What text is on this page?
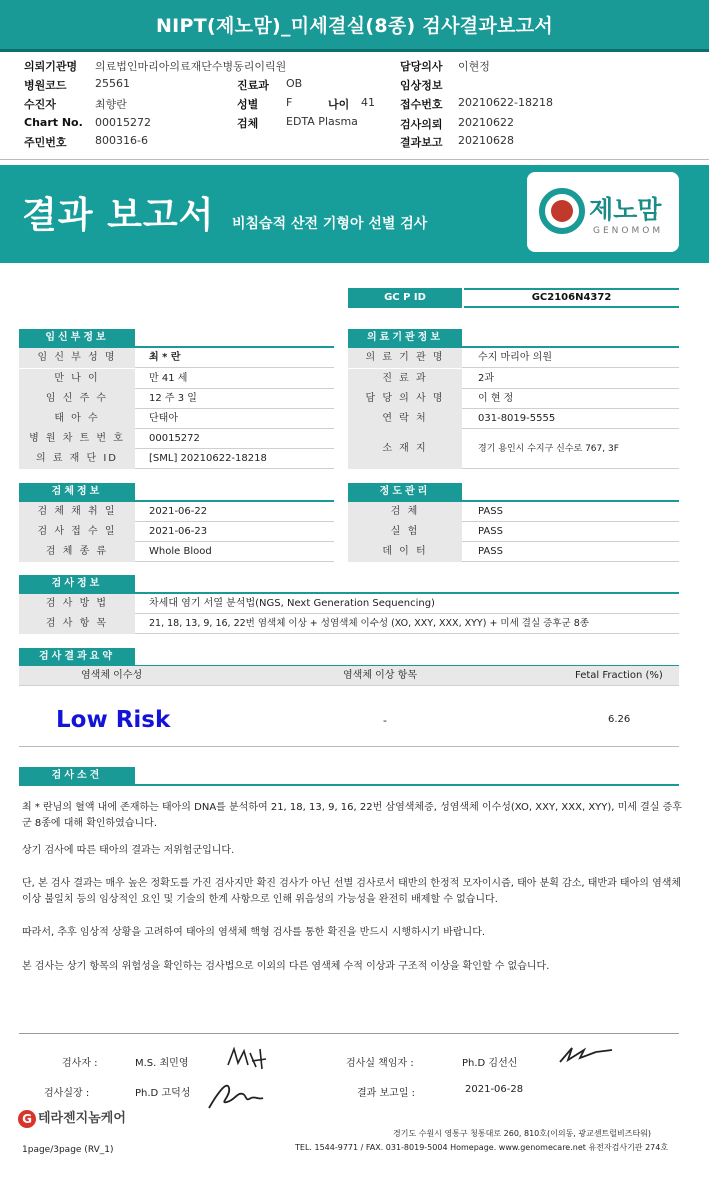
NIPT(제노맘)_미세결실(8종) 검사결과보고서
의뢰기관명 의료법인마리아의료재단수병동리이릭원	담당의사 이현정
병원코드	25561	진료과 OB	임상정보
수진자	최향란	성별	F	나이 41 접수번호 20210622-18218
Chart No. 00015272	검체	EDTA Plasma	검사의뢰 20210622
주민번호	800316-6	결과보고 20210628
결과 보고서 비침습적 산전 기형아 선별 검사	제노맘
GENOMOM
GC P ID	GC2106N4372
임신부정보
임 신 부 성 명	최 * 란
만 나 이	만 41 세
임 신 주 수	12 주 3 일
태 아 수	단태아
병 원 차 트 번 호	00015272
의 료 재 단 ID	[SML] 20210622-18218
의료기관정보
의 료 기 관 명	수지 마리아 의원
진 료 과	2과
담 당 의 사 명	이 현 정
연 락 처	031-8019-5555
소 재 지	경기 용인시 수지구 신수로 767, 3F
검체정보
검 체 채 취 일	2021-06-22
검 사 접 수 일	2021-06-23
검 체 종 류	Whole Blood
정도관리
검 체	PASS
실 험	PASS
데 이 터	PASS
검사정보
검 사 방 법	차세대 염기 서열 분석법(NGS, Next Generation Sequencing)
검 사 항 목	21, 18, 13, 9, 16, 22번 염색체 이상 + 성염색체 이수성 (XO, XXY, XXX, XYY) + 미세 결실 증후군 8종
검사결과요약
염색체 이수성	염색체 이상 항목	Fetal Fraction (%)
Low Risk	-	6.26
검사소견

최 * 란님의 혈액 내에 존재하는 태아의 DNA를 분석하여 21, 18, 13, 9, 16, 22번 삼염색체증, 성염색체 이수성(XO, XXY, XXX, XYY), 미세 결실 증후군 8종에 대해 확인하였습니다.

상기 검사에 따른 태아의 결과는 저위험군입니다.

단, 본 검사 결과는 매우 높은 정확도를 가진 검사지만 확진 검사가 아닌 선별 검사로서 태반의 한정적 모자이시즘, 태아 분획 감소, 태반과 태아의 염색체 이상 불일치 등의 임상적인 요인 및 기술의 한계 사항으로 인해 위음성의 가능성을 완전히 배제할 수 없습니다.

따라서, 추후 임상적 상황을 고려하여 태아의 염색체 핵형 검사를 통한 확진을 반드시 시행하시기 바랍니다.

본 검사는 상기 항목의 위험성을 확인하는 검사법으로 이외의 다른 염색체 수적 이상과 구조적 이상을 확인할 수 없습니다.

검사자 :	M.S. 최민영	검사실 책임자 :	Ph.D 김선신
검사실장 :	Ph.D 고덕성	결과 보고일 :	2021-06-28
G 테라젠지놈케어
경기도 수원시 영통구 청통대로 260, 810호(이의동, 광교센트럴비즈타워)
TEL. 1544-9771 / FAX. 031-8019-5004 Homepage. www.genomecare.net 유전자검사기관 274호
1page/3page (RV_1)
